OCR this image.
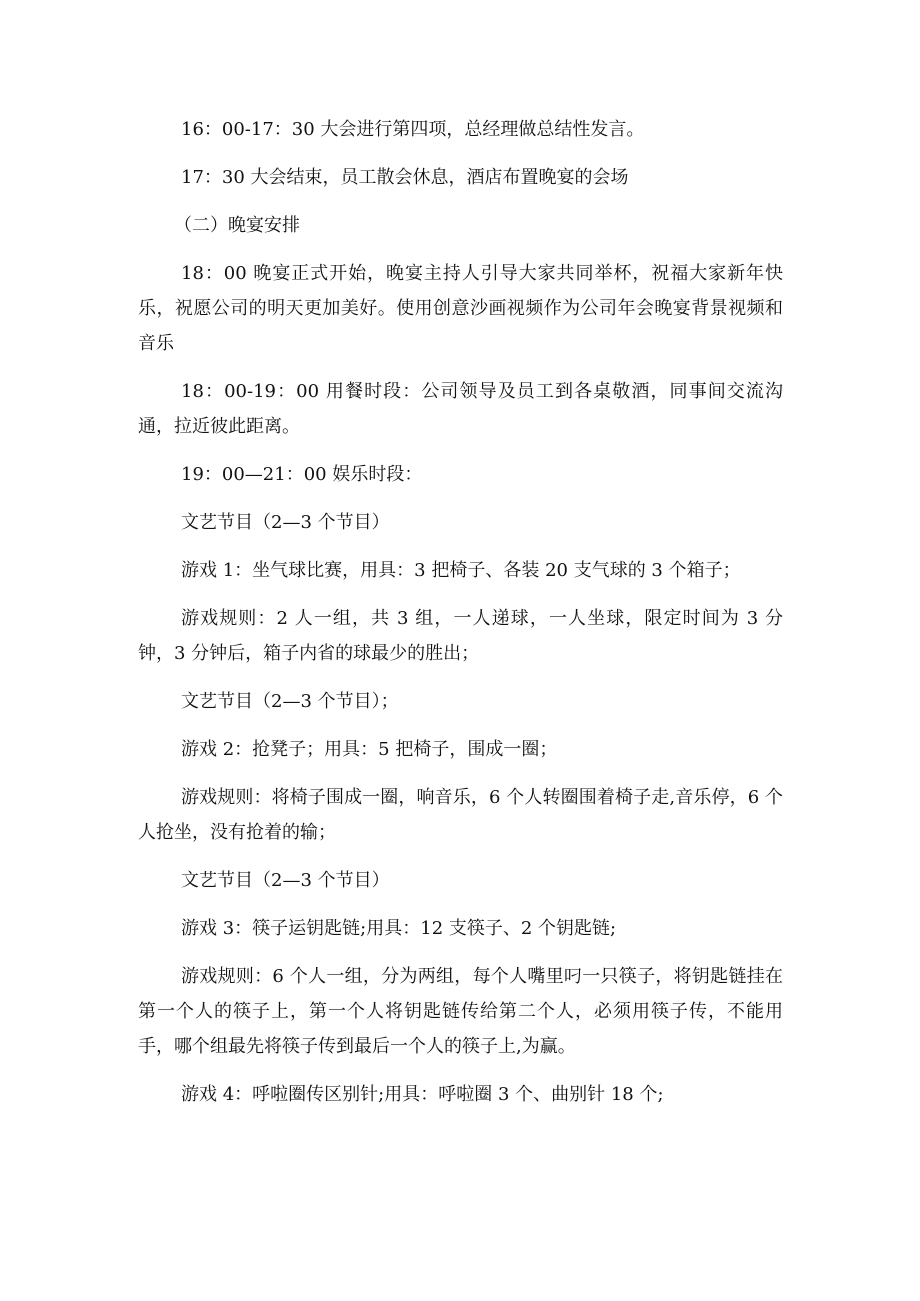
16：00-17：30 大会进行第四项，总经理做总结性发言。

17：30 大会结束，员工散会休息，酒店布置晚宴的会场

（二）晚宴安排

18：00 晚宴正式开始，晚宴主持人引导大家共同举杯，祝福大家新年快乐，祝愿公司的明天更加美好。使用创意沙画视频作为公司年会晚宴背景视频和音乐

18：00-19：00 用餐时段：公司领导及员工到各桌敬酒，同事间交流沟通，拉近彼此距离。

19：00—21：00 娱乐时段：

文艺节目（2—3 个节目）

游戏 1：坐气球比赛，用具：3 把椅子、各装 20 支气球的 3 个箱子；

游戏规则：2 人一组，共 3 组，一人递球，一人坐球，限定时间为 3 分钟，3 分钟后，箱子内省的球最少的胜出；

文艺节目（2—3 个节目）；

游戏 2：抢凳子；用具：5 把椅子，围成一圈；

游戏规则：将椅子围成一圈，响音乐，6 个人转圈围着椅子走,音乐停，6 个人抢坐，没有抢着的输；

文艺节目（2—3 个节目）

游戏 3：筷子运钥匙链;用具：12 支筷子、2 个钥匙链;

游戏规则：6 个人一组，分为两组，每个人嘴里叼一只筷子，将钥匙链挂在第一个人的筷子上，第一个人将钥匙链传给第二个人，必须用筷子传，不能用手，哪个组最先将筷子传到最后一个人的筷子上,为赢。

游戏 4：呼啦圈传区别针;用具：呼啦圈 3 个、曲别针 18 个;
